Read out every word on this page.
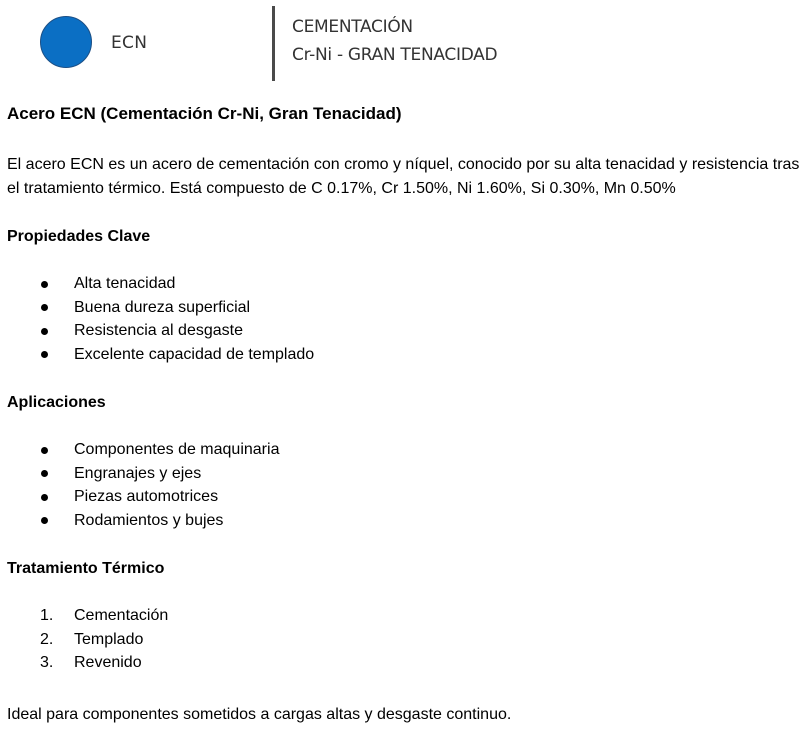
ECN
CEMENTACIÓN
Cr-Ni - GRAN TENACIDAD
Acero ECN (Cementación Cr-Ni, Gran Tenacidad)

El acero ECN es un acero de cementación con cromo y níquel, conocido por su alta tenacidad y resistencia tras el tratamiento térmico. Está compuesto de C 0.17%, Cr 1.50%, Ni 1.60%, Si 0.30%, Mn 0.50%

Propiedades Clave
Alta tenacidad
Buena dureza superficial
Resistencia al desgaste
Excelente capacidad de templado
Aplicaciones
Componentes de maquinaria
Engranajes y ejes
Piezas automotrices
Rodamientos y bujes
Tratamiento Térmico
1. Cementación
2. Templado
3. Revenido

Ideal para componentes sometidos a cargas altas y desgaste continuo.
